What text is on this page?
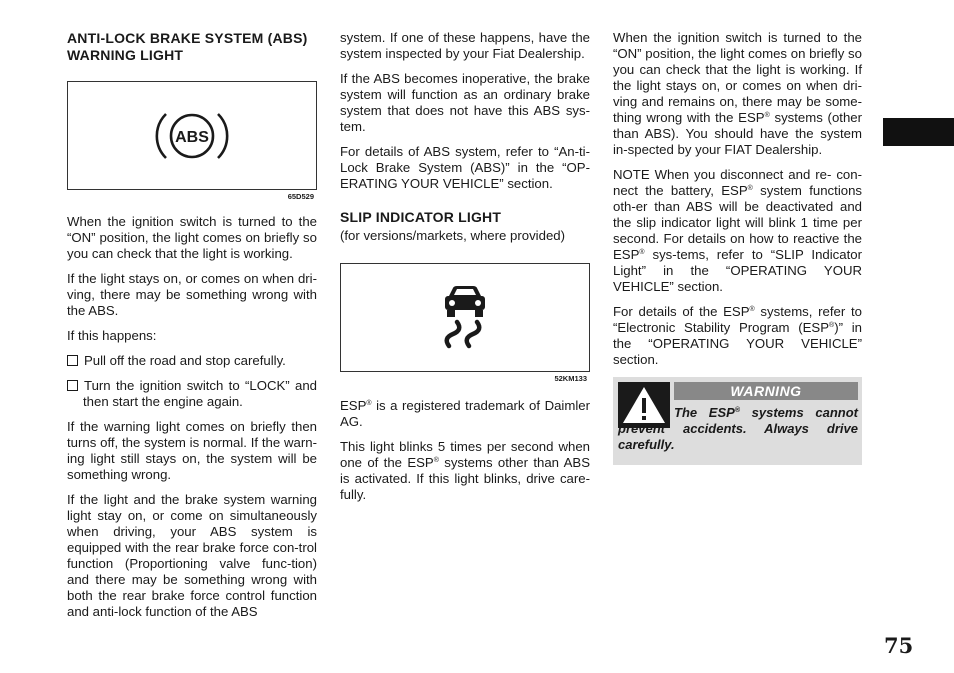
ANTI-LOCK BRAKE SYSTEM (ABS) WARNING LIGHT
ABS
65D529

When the ignition switch is turned to the “ON” position, the light comes on briefly so you can check that the light is working.

If the light stays on, or comes on when dri-ving, there may be something wrong with the ABS.

If this happens:

Pull off the road and stop carefully.

Turn the ignition switch to “LOCK” and then start the engine again.

If the warning light comes on briefly then turns off, the system is normal. If the warn-ing light still stays on, the system will be something wrong.

If the light and the brake system warning light stay on, or come on simultaneously when driving, your ABS system is equipped with the rear brake force con-trol function (Proportioning valve func-tion) and there may be something wrong with both the rear brake force control function and anti-lock function of the ABS

system. If one of these happens, have the system inspected by your Fiat Dealership.

If the ABS becomes inoperative, the brake system will function as an ordinary brake system that does not have this ABS sys-tem.

For details of ABS system, refer to “An-ti-Lock Brake System (ABS)” in the “OP-ERATING YOUR VEHICLE” section.

SLIP INDICATOR LIGHT

(for versions/markets, where provided)

52KM133

ESP® is a registered trademark of Daimler AG.

This light blinks 5 times per second when one of the ESP® systems other than ABS is activated. If this light blinks, drive care-fully.

When the ignition switch is turned to the “ON” position, the light comes on briefly so you can check that the light is working. If the light stays on, or comes on when dri-ving and remains on, there may be some-thing wrong with the ESP® systems (other than ABS). You should have the system in-spected by your FIAT Dealership.

NOTE When you disconnect and re- con-nect the battery, ESP® system functions oth-er than ABS will be deactivated and the slip indicator light will blink 1 time per second. For details on how to reactive the ESP® sys-tems, refer to “SLIP Indicator Light” in the “OPERATING YOUR VEHICLE” section.

For details of the ESP® systems, refer to “Electronic Stability Program (ESP®)” in the “OPERATING YOUR VEHICLE” section.

WARNING
The ESP® systems cannot prevent accidents. Always drive carefully.
75
